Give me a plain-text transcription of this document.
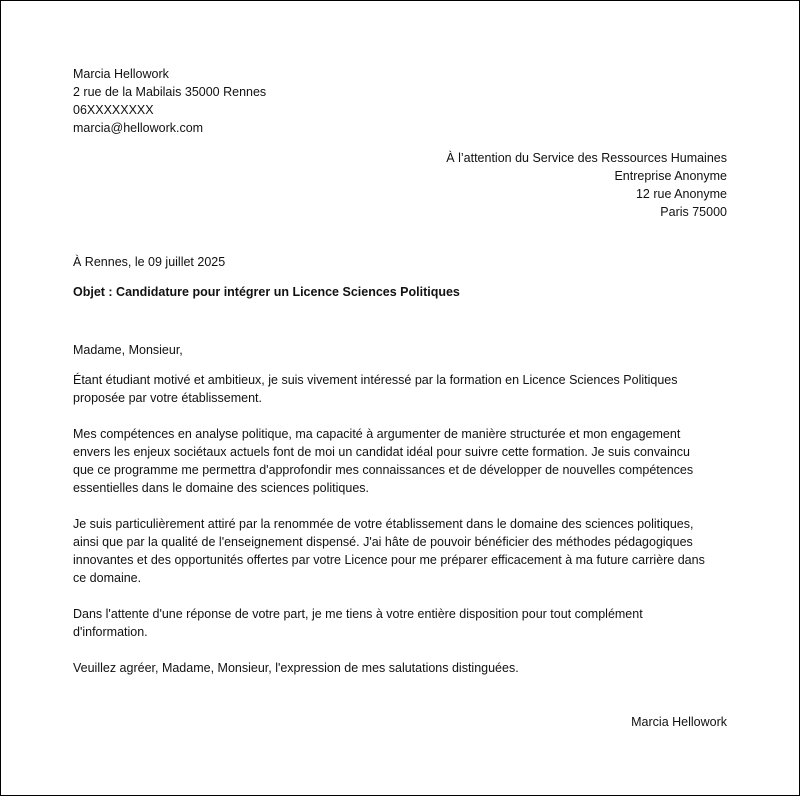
Marcia Hellowork

2 rue de la Mabilais 35000 Rennes

06XXXXXXXX

marcia@hellowork.com

À l’attention du Service des Ressources Humaines

Entreprise Anonyme

12 rue Anonyme

Paris 75000

À Rennes, le 09 juillet 2025

Objet : Candidature pour intégrer un Licence Sciences Politiques

Madame, Monsieur,

Étant étudiant motivé et ambitieux, je suis vivement intéressé par la formation en Licence Sciences Politiques

proposée par votre établissement.

Mes compétences en analyse politique, ma capacité à argumenter de manière structurée et mon engagement

envers les enjeux sociétaux actuels font de moi un candidat idéal pour suivre cette formation. Je suis convaincu

que ce programme me permettra d'approfondir mes connaissances et de développer de nouvelles compétences

essentielles dans le domaine des sciences politiques.

Je suis particulièrement attiré par la renommée de votre établissement dans le domaine des sciences politiques,

ainsi que par la qualité de l'enseignement dispensé. J'ai hâte de pouvoir bénéficier des méthodes pédagogiques

innovantes et des opportunités offertes par votre Licence pour me préparer efficacement à ma future carrière dans

ce domaine.

Dans l'attente d'une réponse de votre part, je me tiens à votre entière disposition pour tout complément

d'information.

Veuillez agréer, Madame, Monsieur, l'expression de mes salutations distinguées.

Marcia Hellowork
